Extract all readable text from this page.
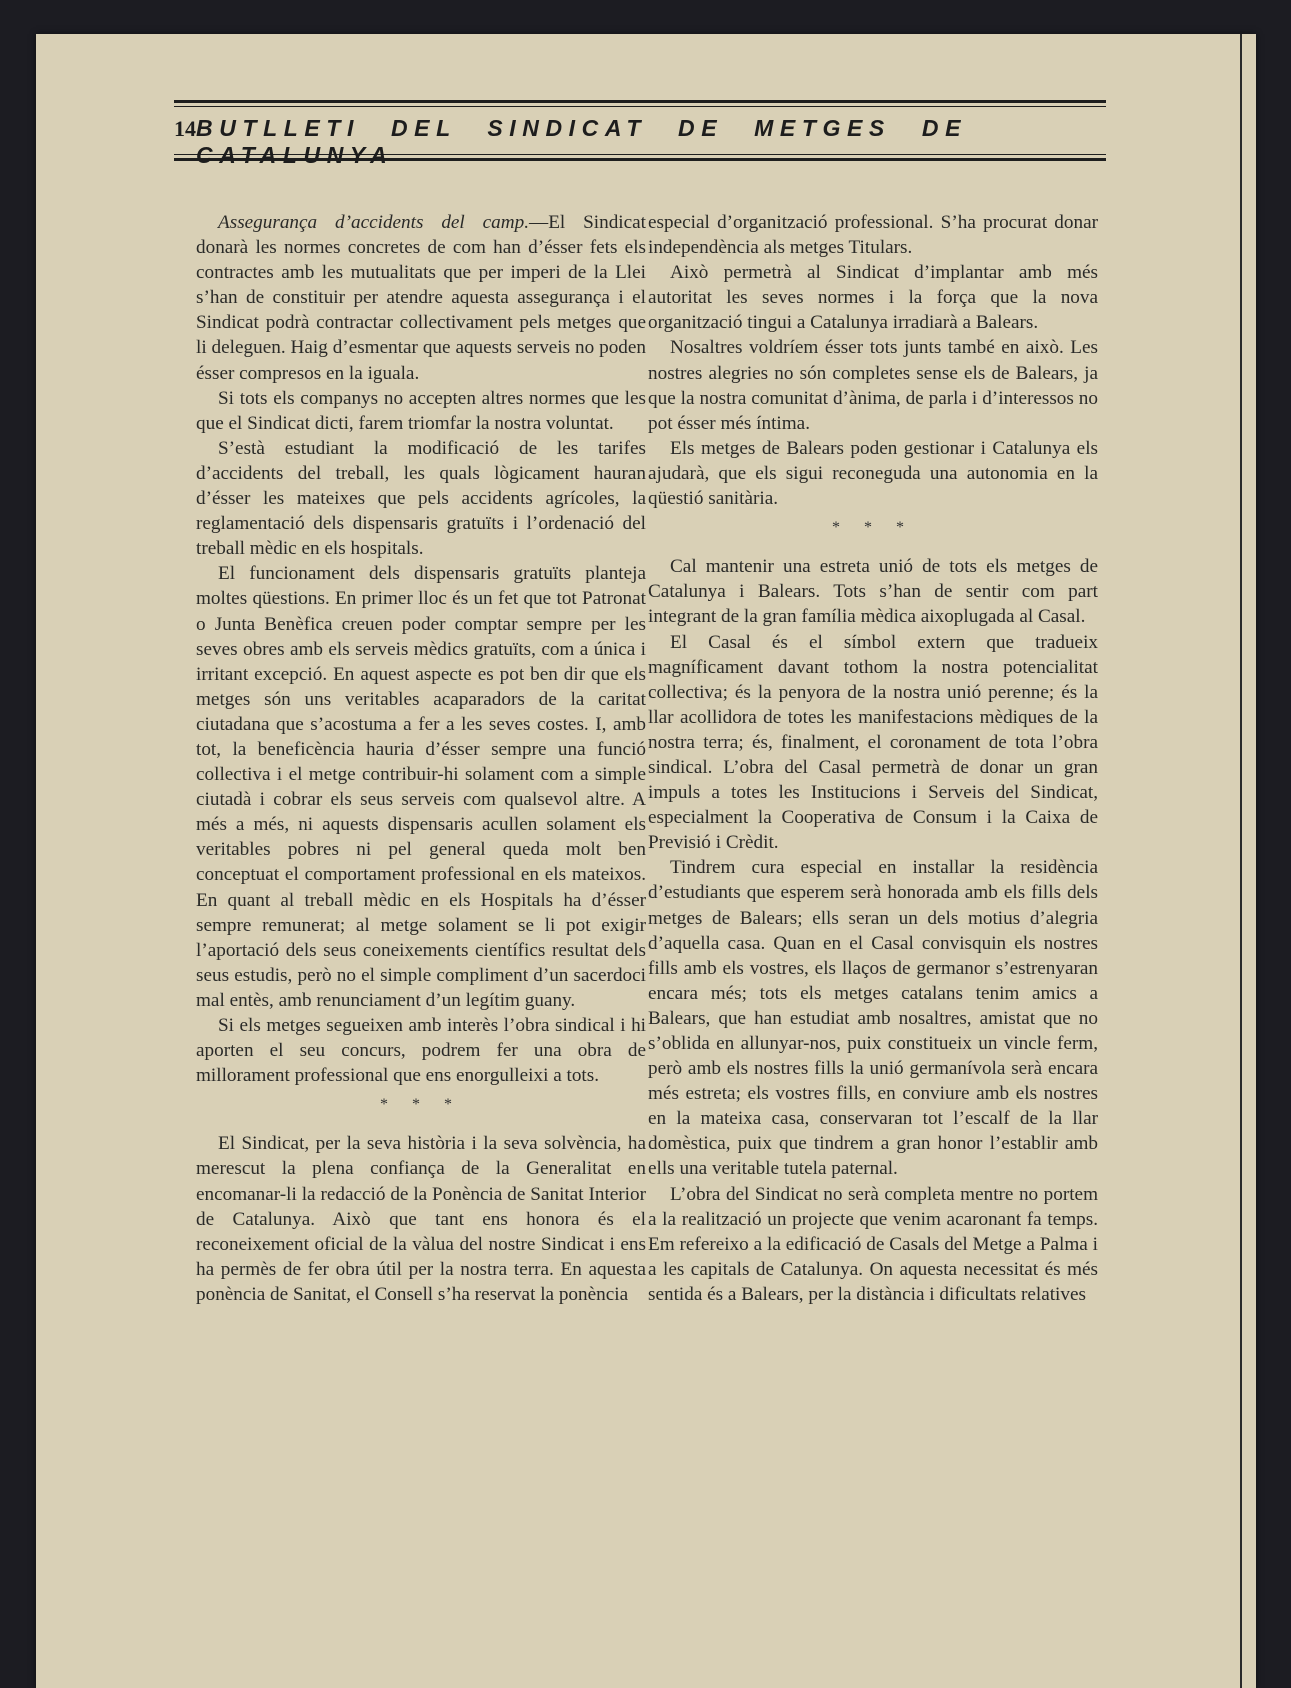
14 BUTLLETI DEL SINDICAT DE METGES DE CATALUNYA

Assegurança d’accidents del camp.—El Sindicat donarà les normes concretes de com han d’ésser fets els contractes amb les mutualitats que per imperi de la Llei s’han de constituir per atendre aquesta assegurança i el Sindicat podrà contractar collectivament pels metges que li deleguen. Haig d’esmentar que aquests serveis no poden ésser compresos en la iguala.

Si tots els companys no accepten altres normes que les que el Sindicat dicti, farem triomfar la nostra voluntat.

S’està estudiant la modificació de les tarifes d’accidents del treball, les quals lògicament hauran d’ésser les mateixes que pels accidents agrícoles, la reglamentació dels dispensaris gratuïts i l’ordenació del treball mèdic en els hospitals.

El funcionament dels dispensaris gratuïts planteja moltes qüestions. En primer lloc és un fet que tot Patronat o Junta Benèfica creuen poder comptar sempre per les seves obres amb els serveis mèdics gratuïts, com a única i irritant excepció. En aquest aspecte es pot ben dir que els metges són uns veritables acaparadors de la caritat ciutadana que s’acostuma a fer a les seves costes. I, amb tot, la beneficència hauria d’ésser sempre una funció collectiva i el metge contribuir-hi solament com a simple ciutadà i cobrar els seus serveis com qualsevol altre. A més a més, ni aquests dispensaris acullen solament els veritables pobres ni pel general queda molt ben conceptuat el comportament professional en els mateixos. En quant al treball mèdic en els Hospitals ha d’ésser sempre remunerat; al metge solament se li pot exigir l’aportació dels seus coneixements científics resultat dels seus estudis, però no el simple compliment d’un sacerdoci mal entès, amb renunciament d’un legítim guany.

Si els metges segueixen amb interès l’obra sindical i hi aporten el seu concurs, podrem fer una obra de millorament professional que ens enorgulleixi a tots.

* * *

El Sindicat, per la seva història i la seva solvència, ha merescut la plena confiança de la Generalitat en encomanar-li la redacció de la Ponència de Sanitat Interior de Catalunya. Això que tant ens honora és el reconeixement oficial de la vàlua del nostre Sindicat i ens ha permès de fer obra útil per la nostra terra. En aquesta ponència de Sanitat, el Consell s’ha reservat la ponència

especial d’organització professional. S’ha procurat donar independència als metges Titulars.

Això permetrà al Sindicat d’implantar amb més autoritat les seves normes i la força que la nova organització tingui a Catalunya irradiarà a Balears.

Nosaltres voldríem ésser tots junts també en això. Les nostres alegries no són completes sense els de Balears, ja que la nostra comunitat d’ànima, de parla i d’interessos no pot ésser més íntima.

Els metges de Balears poden gestionar i Catalunya els ajudarà, que els sigui reconeguda una autonomia en la qüestió sanitària.

* * *

Cal mantenir una estreta unió de tots els metges de Catalunya i Balears. Tots s’han de sentir com part integrant de la gran família mèdica aixoplugada al Casal.

El Casal és el símbol extern que tradueix magníficament davant tothom la nostra potencialitat collectiva; és la penyora de la nostra unió perenne; és la llar acollidora de totes les manifestacions mèdiques de la nostra terra; és, finalment, el coronament de tota l’obra sindical. L’obra del Casal permetrà de donar un gran impuls a totes les Institucions i Serveis del Sindicat, especialment la Cooperativa de Consum i la Caixa de Previsió i Crèdit.

Tindrem cura especial en installar la residència d’estudiants que esperem serà honorada amb els fills dels metges de Balears; ells seran un dels motius d’alegria d’aquella casa. Quan en el Casal convisquin els nostres fills amb els vostres, els llaços de germanor s’estrenyaran encara més; tots els metges catalans tenim amics a Balears, que han estudiat amb nosaltres, amistat que no s’oblida en allunyar-nos, puix constitueix un vincle ferm, però amb els nostres fills la unió germanívola serà encara més estreta; els vostres fills, en conviure amb els nostres en la mateixa casa, conservaran tot l’escalf de la llar domèstica, puix que tindrem a gran honor l’establir amb ells una veritable tutela paternal.

L’obra del Sindicat no serà completa mentre no portem a la realització un projecte que venim acaronant fa temps. Em refereixo a la edificació de Casals del Metge a Palma i a les capitals de Catalunya. On aquesta necessitat és més sentida és a Balears, per la distància i dificultats relatives
